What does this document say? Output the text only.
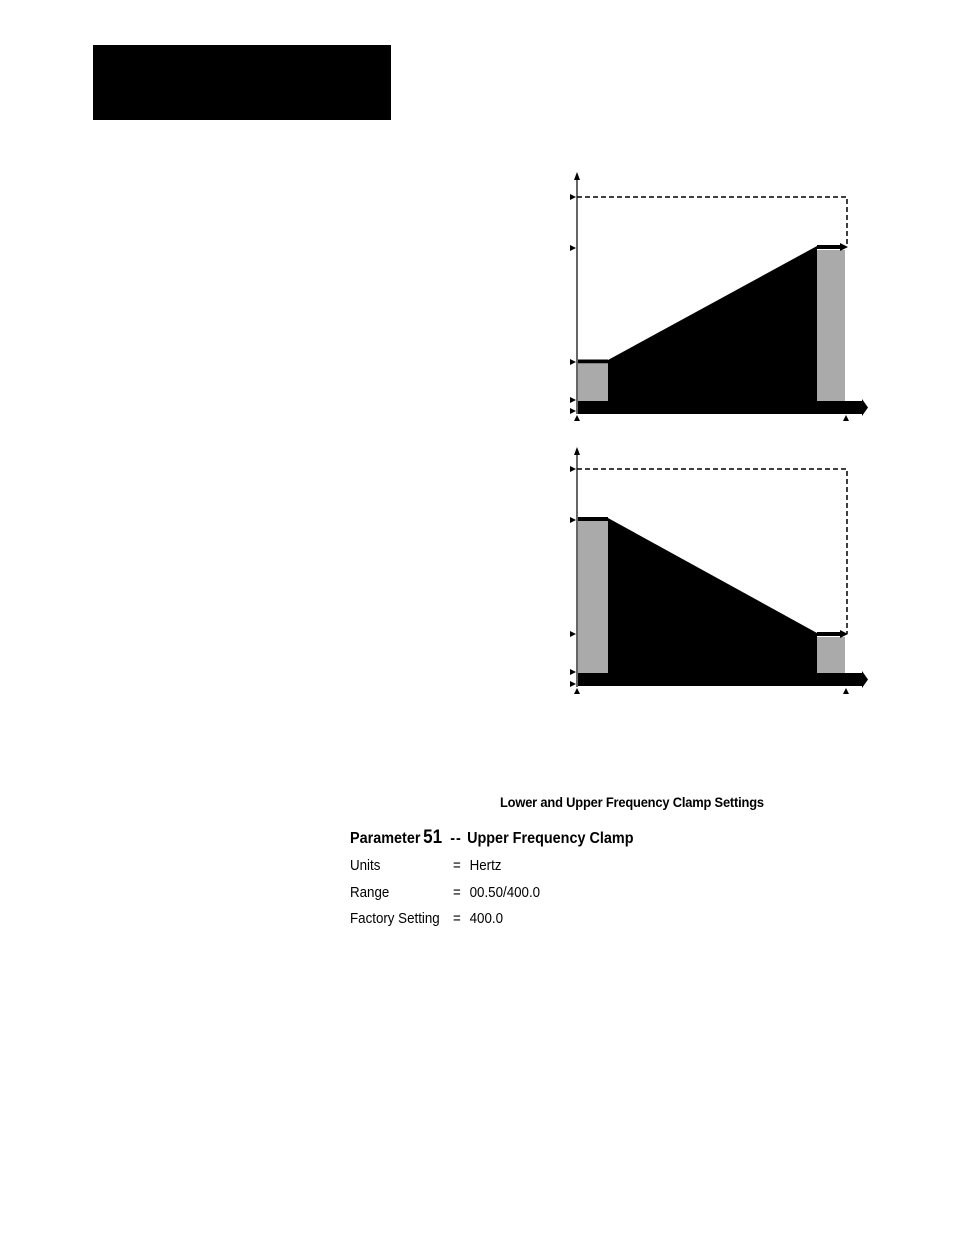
Lower and Upper Frequency Clamp Settings
Parameter 51 -- Upper Frequency Clamp
Units	= Hertz
Range	= 00.50/400.0
Factory Setting = 400.0
